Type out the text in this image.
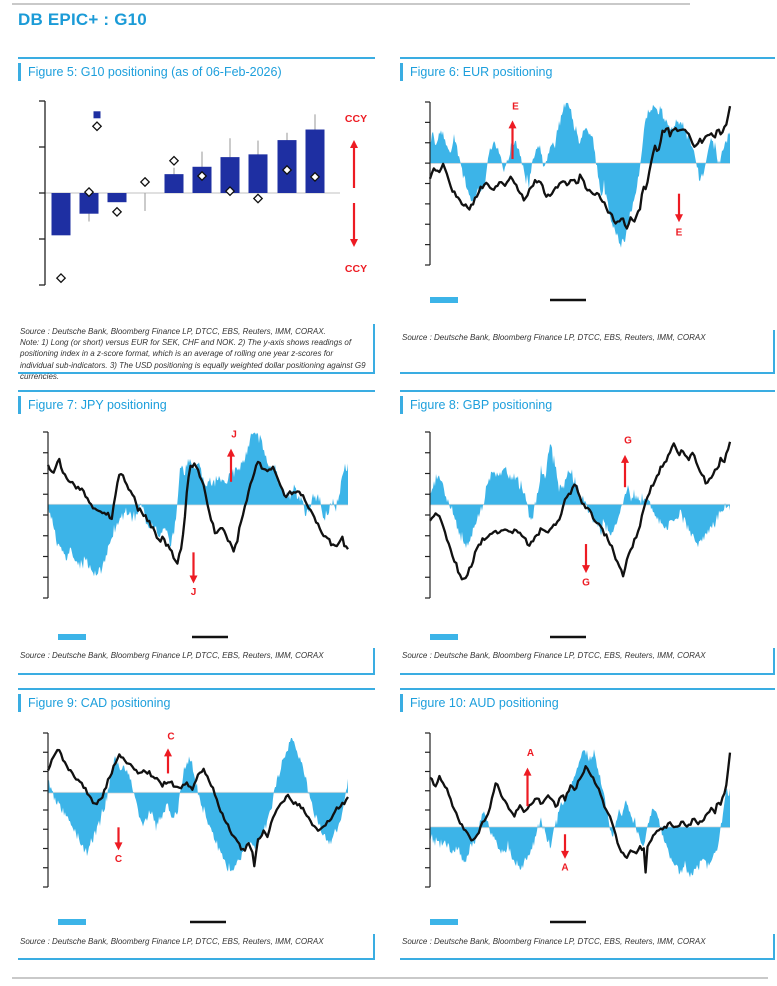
DB EPIC+ : G10
Figure 5: G10 positioning (as of 06-Feb-2026)
CCY
CCY
Source : Deutsche Bank, Bloomberg Finance LP, DTCC, EBS, Reuters, IMM, CORAX.
Note: 1) Long (or short) versus EUR for SEK, CHF and NOK. 2) The y-axis shows readings of positioning index in a z-score format, which is an average of rolling one year z-scores for individual sub-indicators. 3) The USD positioning is equally weighted dollar positioning against G9 currencies.
Figure 6: EUR positioning
E
E
Source : Deutsche Bank, Bloomberg Finance LP, DTCC, EBS, Reuters, IMM, CORAX
Figure 7: JPY positioning
J
J
Source : Deutsche Bank, Bloomberg Finance LP, DTCC, EBS, Reuters, IMM, CORAX
Figure 8: GBP positioning
G
G
Source : Deutsche Bank, Bloomberg Finance LP, DTCC, EBS, Reuters, IMM, CORAX
Figure 9: CAD positioning
C
C
Source : Deutsche Bank, Bloomberg Finance LP, DTCC, EBS, Reuters, IMM, CORAX
Figure 10: AUD positioning
A
A
Source : Deutsche Bank, Bloomberg Finance LP, DTCC, EBS, Reuters, IMM, CORAX
